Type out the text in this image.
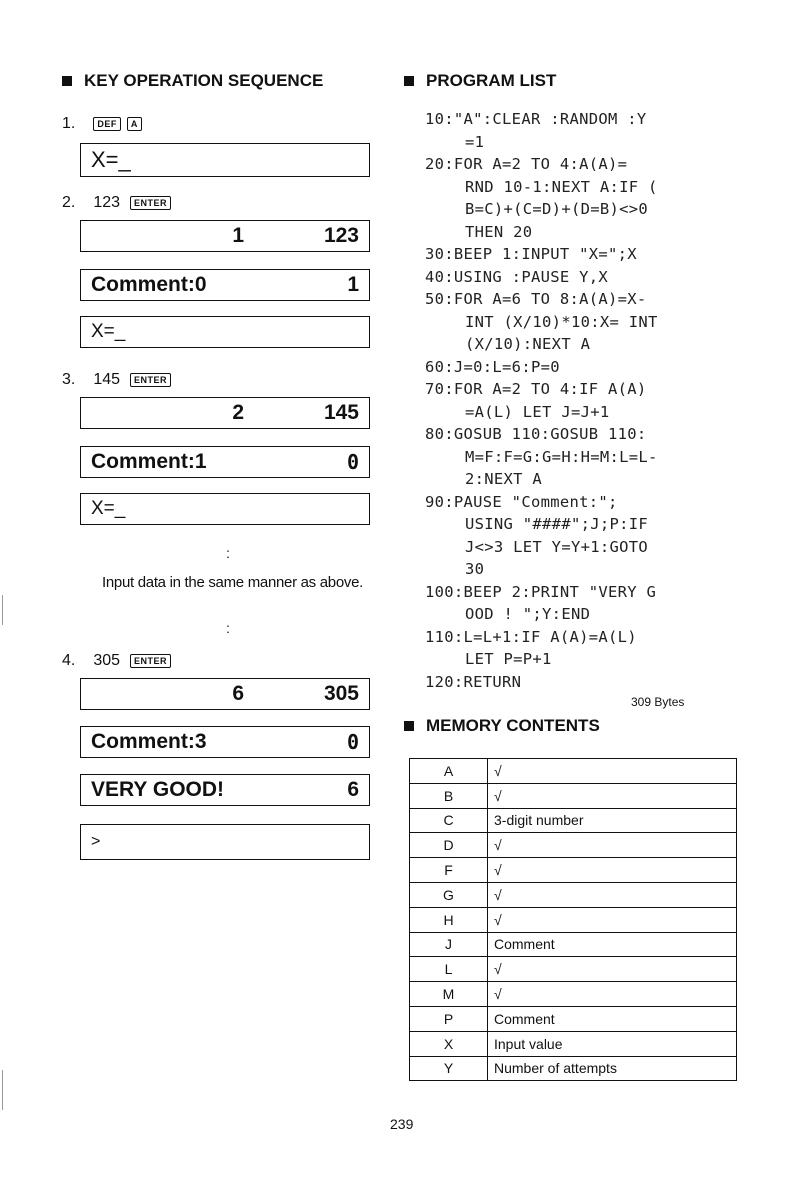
KEY OPERATION SEQUENCE	PROGRAM LIST
1.	DEF	A
X=_
2. 123	ENTER
1	123
Comment:0	1
X=_
3. 145	ENTER
2	145
Comment:1	0
X=_
:
Input data in the same manner as above.
:
4. 305	ENTER
6	305
Comment:3	0
VERY GOOD!	6
>
10:"A":CLEAR :RANDOM :Y
=1
20:FOR A=2 TO 4:A(A)=
RND 10-1:NEXT A:IF (
B=C)+(C=D)+(D=B)<>0
THEN 20
30:BEEP 1:INPUT "X=";X
40:USING :PAUSE Y,X
50:FOR A=6 TO 8:A(A)=X-
INT (X/10)*10:X= INT
(X/10):NEXT A
60:J=0:L=6:P=0
70:FOR A=2 TO 4:IF A(A)
=A(L) LET J=J+1
80:GOSUB 110:GOSUB 110:
M=F:F=G:G=H:H=M:L=L-
2:NEXT A
90:PAUSE "Comment:";
USING "####";J;P:IF
J<>3 LET Y=Y+1:GOTO
30
100:BEEP 2:PRINT "VERY G
OOD ! ";Y:END
110:L=L+1:IF A(A)=A(L)
LET P=P+1
120:RETURN
309 Bytes
MEMORY CONTENTS
A	√
B	√
C	3-digit number
D	√
F	√
G	√
H	√
J	Comment
L	√
M	√
P	Comment
X	Input value
Y	Number of attempts
239
